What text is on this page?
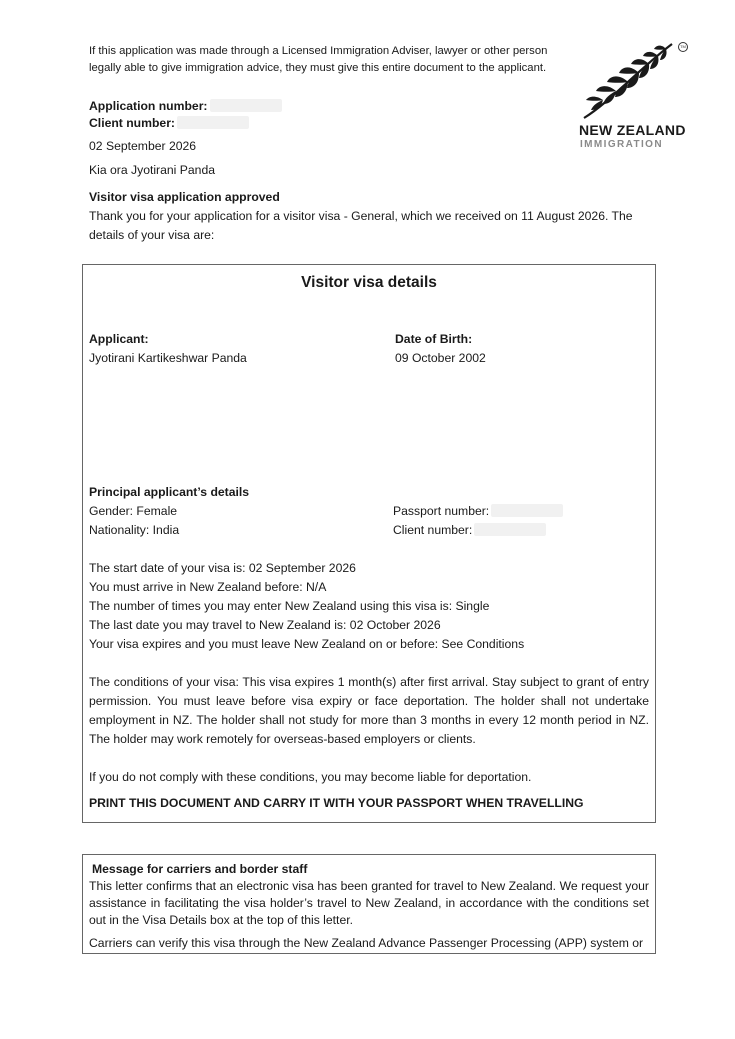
If this application was made through a Licensed Immigration Adviser, lawyer or other person legally able to give immigration advice, they must give this entire document to the applicant.
TM
NEW ZEALAND
IMMIGRATION
Application number:
Client number:
02 September 2026
Kia ora Jyotirani Panda
Visitor visa application approved
Thank you for your application for a visitor visa - General, which we received on 11 August 2026. The details of your visa are:
Visitor visa details
Applicant:
Jyotirani Kartikeshwar Panda
Date of Birth:
09 October 2002
Principal applicant’s details
Gender: Female
Nationality: India
Passport number:
Client number:
The start date of your visa is: 02 September 2026
You must arrive in New Zealand before: N/A
The number of times you may enter New Zealand using this visa is: Single
The last date you may travel to New Zealand is: 02 October 2026
Your visa expires and you must leave New Zealand on or before: See Conditions
The conditions of your visa: This visa expires 1 month(s) after first arrival. Stay subject to grant of entry permission. You must leave before visa expiry or face deportation. The holder shall not undertake employment in NZ. The holder shall not study for more than 3 months in every 12 month period in NZ. The holder may work remotely for overseas-based employers or clients.
If you do not comply with these conditions, you may become liable for deportation.
PRINT THIS DOCUMENT AND CARRY IT WITH YOUR PASSPORT WHEN TRAVELLING
Message for carriers and border staff
This letter confirms that an electronic visa has been granted for travel to New Zealand. We request your assistance in facilitating the visa holder’s travel to New Zealand, in accordance with the conditions set out in the Visa Details box at the top of this letter.
Carriers can verify this visa through the New Zealand Advance Passenger Processing (APP) system or
